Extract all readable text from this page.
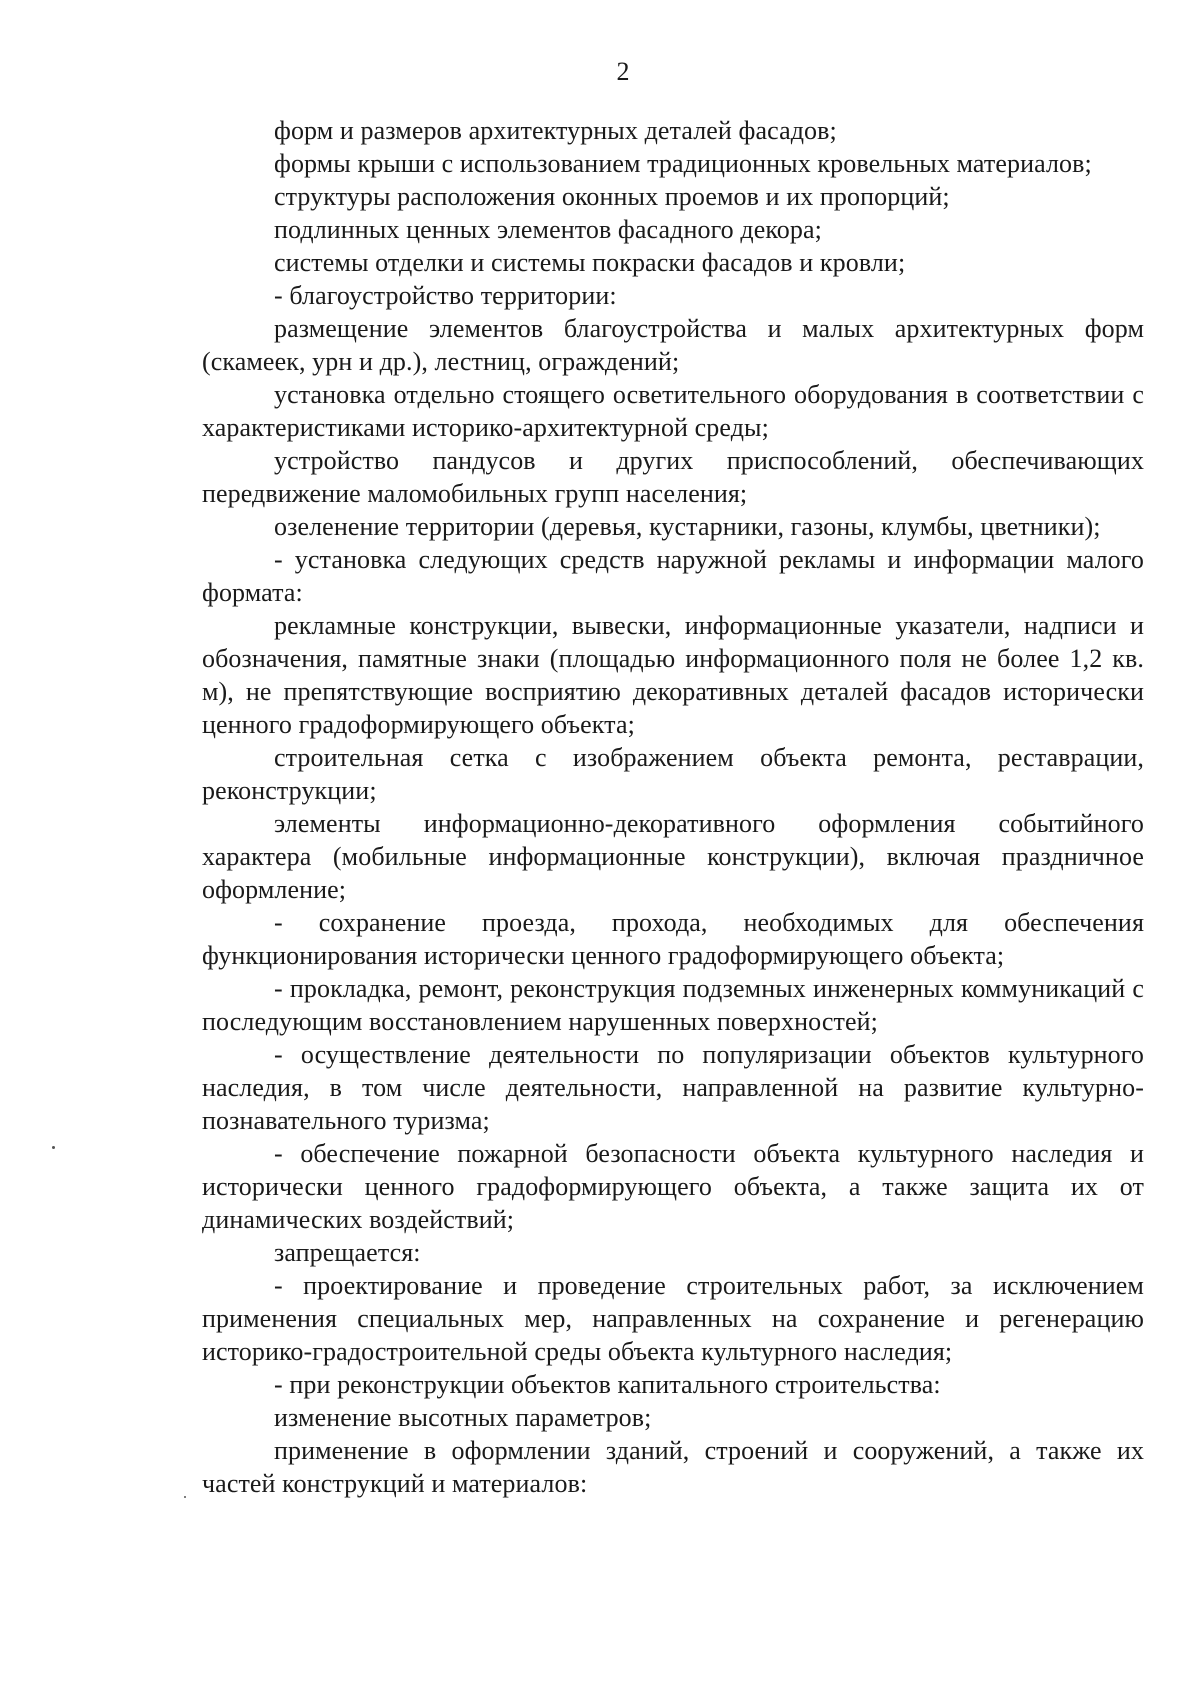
2

форм и размеров архитектурных деталей фасадов;

формы крыши с использованием традиционных кровельных материалов;

структуры расположения оконных проемов и их пропорций;

подлинных ценных элементов фасадного декора;

системы отделки и системы покраски фасадов и кровли;

- благоустройство территории:

размещение элементов благоустройства и малых архитектурных форм (скамеек, урн и др.), лестниц, ограждений;

установка отдельно стоящего осветительного оборудования в соответствии с характеристиками историко-архитектурной среды;

устройство пандусов и других приспособлений, обеспечивающих передвижение маломобильных групп населения;

озеленение территории (деревья, кустарники, газоны, клумбы, цветники);

- установка следующих средств наружной рекламы и информации малого формата:

рекламные конструкции, вывески, информационные указатели, надписи и обозначения, памятные знаки (площадью информационного поля не более 1,2 кв. м), не препятствующие восприятию декоративных деталей фасадов исторически ценного градоформирующего объекта;

строительная сетка с изображением объекта ремонта, реставрации, реконструкции;

элементы информационно-декоративного оформления событийного характера (мобильные информационные конструкции), включая праздничное оформление;

- сохранение проезда, прохода, необходимых для обеспечения функционирования исторически ценного градоформирующего объекта;

- прокладка, ремонт, реконструкция подземных инженерных коммуникаций с последующим восстановлением нарушенных поверхностей;

- осуществление деятельности по популяризации объектов культурного наследия, в том числе деятельности, направленной на развитие культурно-познавательного туризма;

- обеспечение пожарной безопасности объекта культурного наследия и исторически ценного градоформирующего объекта, а также защита их от динамических воздействий;

запрещается:

- проектирование и проведение строительных работ, за исключением применения специальных мер, направленных на сохранение и регенерацию историко-градостроительной среды объекта культурного наследия;

- при реконструкции объектов капитального строительства:

изменение высотных параметров;

применение в оформлении зданий, строений и сооружений, а также их частей конструкций и материалов:
